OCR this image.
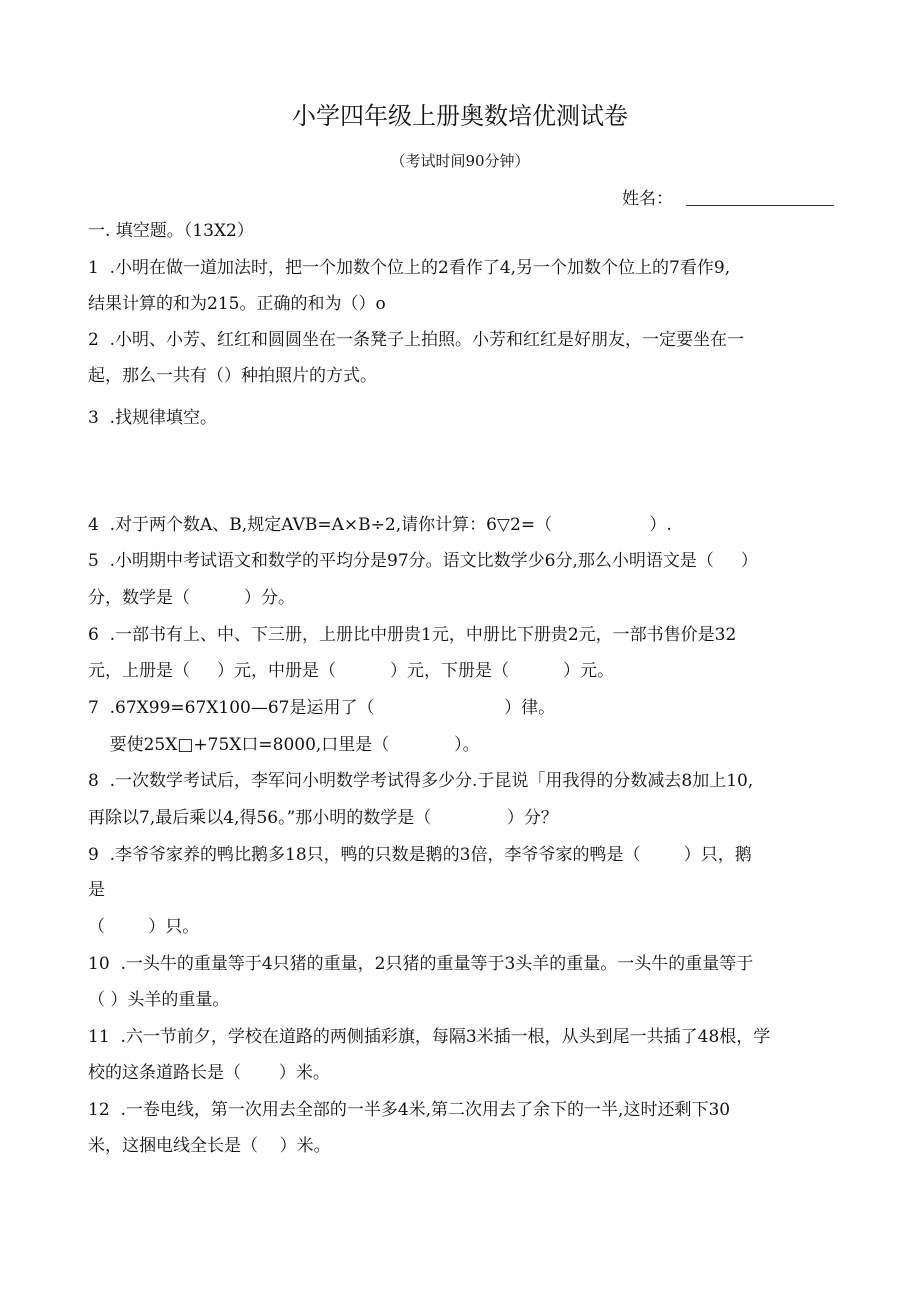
小学四年级上册奥数培优测试卷
（考试时间90分钟）
姓名：
一. 填空题。（13X2）
1  .小明在做一道加法时，把一个加数个位上的2看作了4,另一个加数个位上的7看作9,
结果计算的和为215。正确的和为（）o
2  .小明、小芳、红红和圆圆坐在一条凳子上拍照。小芳和红红是好朋友，一定要坐在一
起，那么一共有（）种拍照片的方式。
3  .找规律填空。
4  .对于两个数A、B,规定AVB=A×B÷2,请你计算：6▽2=（                  ）.
5  .小明期中考试语文和数学的平均分是97分。语文比数学少6分,那么小明语文是（     ）
分，数学是（          ）分。
6  .一部书有上、中、下三册，上册比中册贵1元，中册比下册贵2元，一部书售价是32
元，上册是（     ）元，中册是（          ）元，下册是（          ）元。
7  .67X99=67X100—67是运用了（                        ）律。
要使25X□+75X口=8000,口里是（            ）。
8  .一次数学考试后，李军问小明数学考试得多少分.于昆说「用我得的分数减去8加上10,
再除以7,最后乘以4,得56。”那小明的数学是（              ）分？
9  .李爷爷家养的鸭比鹅多18只，鸭的只数是鹅的3倍，李爷爷家的鸭是（        ）只，鹅
是
（        ）只。
10  .一头牛的重量等于4只猪的重量，2只猪的重量等于3头羊的重量。一头牛的重量等于
（ ）头羊的重量。
11  .六一节前夕，学校在道路的两侧插彩旗，每隔3米插一根，从头到尾一共插了48根，学
校的这条道路长是（       ）米。
12  .一卷电线，第一次用去全部的一半多4米,第二次用去了余下的一半,这时还剩下30
米，这捆电线全长是（    ）米。
